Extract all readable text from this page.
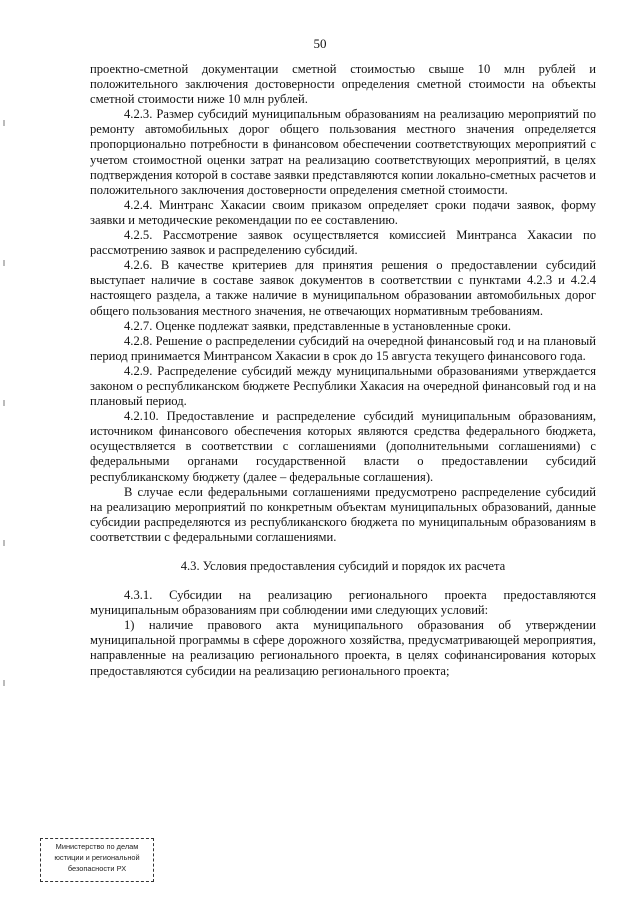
50

проектно-сметной документации сметной стоимостью свыше 10 млн рублей и положительного заключения достоверности определения сметной стоимости на объекты сметной стоимости ниже 10 млн рублей.

4.2.3. Размер субсидий муниципальным образованиям на реализацию мероприятий по ремонту автомобильных дорог общего пользования местного значения определяется пропорционально потребности в финансовом обеспечении соответствующих мероприятий с учетом стоимостной оценки затрат на реализацию соответствующих мероприятий, в целях подтверждения которой в составе заявки представляются копии локально-сметных расчетов и положительного заключения достоверности определения сметной стоимости.

4.2.4. Минтранс Хакасии своим приказом определяет сроки подачи заявок, форму заявки и методические рекомендации по ее составлению.

4.2.5. Рассмотрение заявок осуществляется комиссией Минтранса Хакасии по рассмотрению заявок и распределению субсидий.

4.2.6. В качестве критериев для принятия решения о предоставлении субсидий выступает наличие в составе заявок документов в соответствии с пунктами 4.2.3 и 4.2.4 настоящего раздела, а также наличие в муниципальном образовании автомобильных дорог общего пользования местного значения, не отвечающих нормативным требованиям.

4.2.7. Оценке подлежат заявки, представленные в установленные сроки.

4.2.8. Решение о распределении субсидий на очередной финансовый год и на плановый период принимается Минтрансом Хакасии в срок до 15 августа текущего финансового года.

4.2.9. Распределение субсидий между муниципальными образованиями утверждается законом о республиканском бюджете Республики Хакасия на очередной финансовый год и на плановый период.

4.2.10. Предоставление и распределение субсидий муниципальным образованиям, источником финансового обеспечения которых являются средства федерального бюджета, осуществляется в соответствии с соглашениями (дополнительными соглашениями) с федеральными органами государственной власти о предоставлении субсидий республиканскому бюджету (далее – федеральные соглашения).

В случае если федеральными соглашениями предусмотрено распределение субсидий на реализацию мероприятий по конкретным объектам муниципальных образований, данные субсидии распределяются из республиканского бюджета по муниципальным образованиям в соответствии с федеральными соглашениями.

4.3. Условия предоставления субсидий и порядок их расчета

4.3.1. Субсидии на реализацию регионального проекта предоставляются муниципальным образованиям при соблюдении ими следующих условий:

1) наличие правового акта муниципального образования об утверждении муниципальной программы в сфере дорожного хозяйства, предусматривающей мероприятия, направленные на реализацию регионального проекта, в целях софинансирования которых предоставляются субсидии на реализацию регионального проекта;

Министерство по делам
юстиции и региональной
безопасности РХ
